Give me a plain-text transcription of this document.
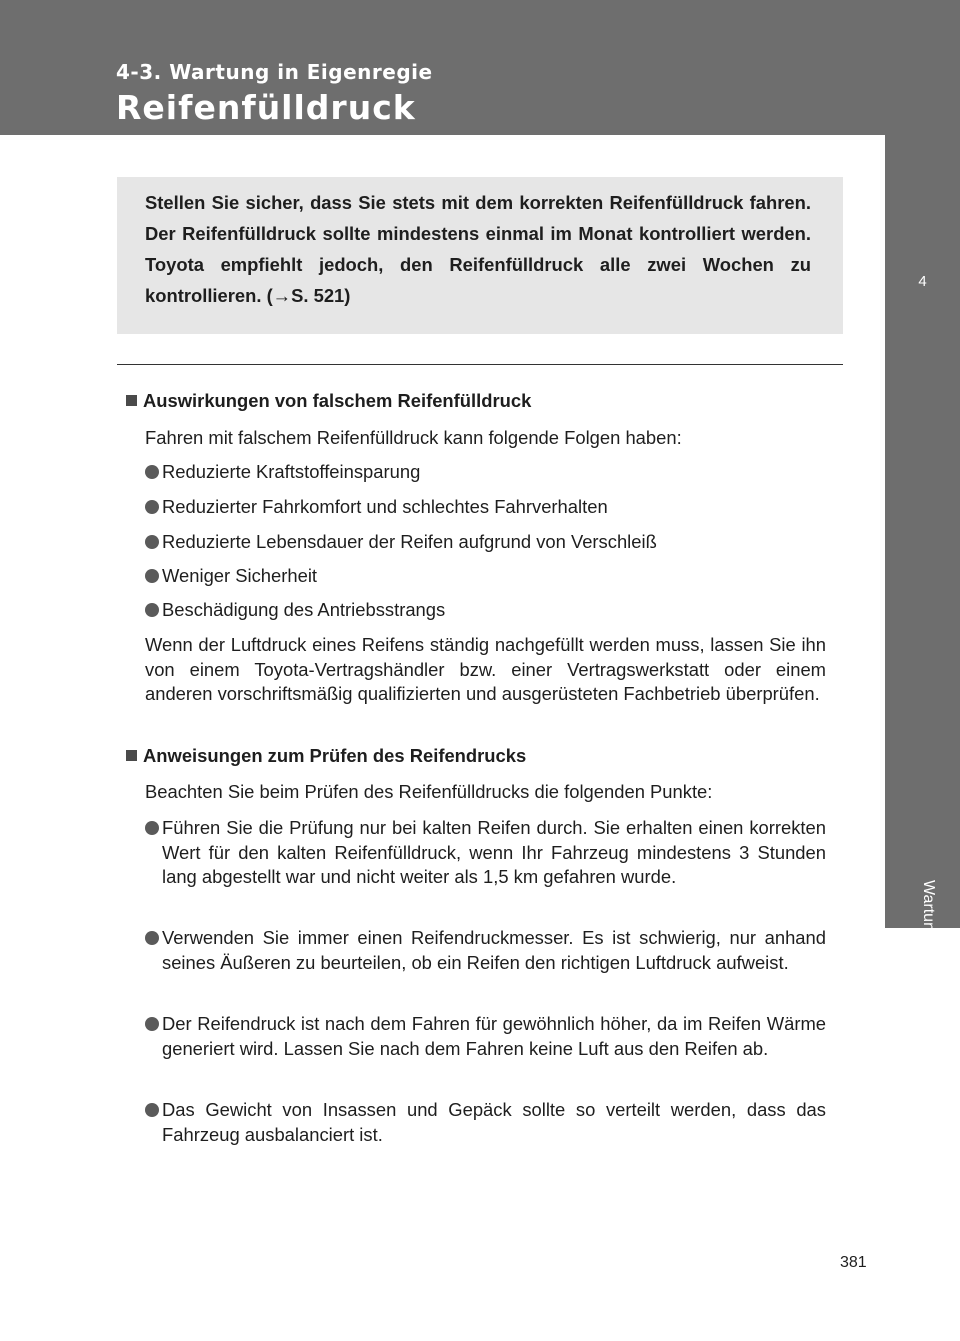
4-3. Wartung in Eigenregie
Reifenfülldruck
4
Wartung und Pflege
Stellen Sie sicher, dass Sie stets mit dem korrekten Reifenfülldruck fahren. Der Reifenfülldruck sollte mindestens einmal im Monat kontrolliert werden. Toyota empfiehlt jedoch, den Reifenfülldruck alle zwei Wochen zu kontrollieren. (→S. 521)
Auswirkungen von falschem Reifenfülldruck
Fahren mit falschem Reifenfülldruck kann folgende Folgen haben:
Reduzierte Kraftstoffeinsparung
Reduzierter Fahrkomfort und schlechtes Fahrverhalten
Reduzierte Lebensdauer der Reifen aufgrund von Verschleiß
Weniger Sicherheit
Beschädigung des Antriebsstrangs
Wenn der Luftdruck eines Reifens ständig nachgefüllt werden muss, lassen Sie ihn von einem Toyota-Vertragshändler bzw. einer Vertragswerkstatt oder einem anderen vorschriftsmäßig qualifizierten und ausgerüsteten Fachbetrieb überprüfen.
Anweisungen zum Prüfen des Reifendrucks
Beachten Sie beim Prüfen des Reifenfülldrucks die folgenden Punkte:
Führen Sie die Prüfung nur bei kalten Reifen durch. Sie erhalten einen korrekten Wert für den kalten Reifenfülldruck, wenn Ihr Fahrzeug mindestens 3 Stunden lang abgestellt war und nicht weiter als 1,5 km gefahren wurde.
Verwenden Sie immer einen Reifendruckmesser. Es ist schwierig, nur anhand seines Äußeren zu beurteilen, ob ein Reifen den richtigen Luftdruck aufweist.
Der Reifendruck ist nach dem Fahren für gewöhnlich höher, da im Reifen Wärme generiert wird. Lassen Sie nach dem Fahren keine Luft aus den Reifen ab.
Das Gewicht von Insassen und Gepäck sollte so verteilt werden, dass das Fahrzeug ausbalanciert ist.
381
